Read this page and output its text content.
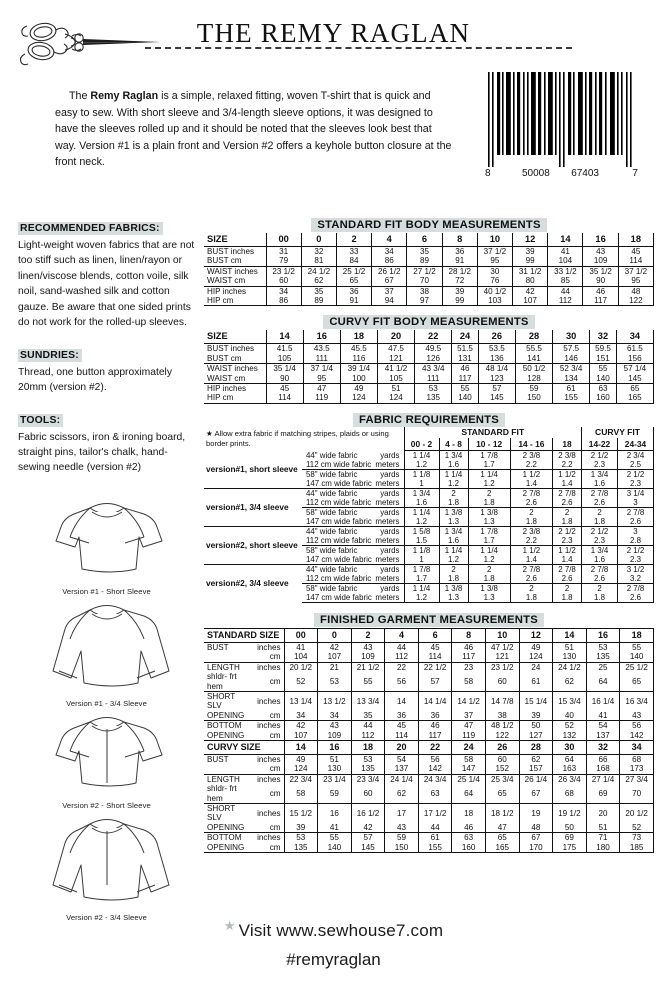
THE REMY RAGLAN
The Remy Raglan is a simple, relaxed fitting, woven T-shirt that is quick and easy to sew. With short sleeve and 3/4-length sleeve options, it was designed to have the sleeves rolled up and it should be noted that the sleeves look best that way. Version #1 is a plain front and Version #2 offers a keyhole button closure at the front neck.
8	50008 67403	7
RECOMMENDED FABRICS:
Light-weight woven fabrics that are not too stiff such as linen, linen/rayon or linen/viscose blends, cotton voile, silk noil, sand-washed silk and cotton gauze. Be aware that one sided prints do not work for the rolled-up sleeves.
SUNDRIES:
Thread, one button approximately 20mm (version #2).
TOOLS:
Fabric scissors, iron & ironing board, straight pins, tailor's chalk, hand-sewing needle (version #2)
Version #1 - Short Sleeve
Version #1 - 3/4 Sleeve
Version #2 - Short Sleeve
Version #2 - 3/4 Sleeve
STANDARD FIT BODY MEASUREMENTS
SIZE	00	0	2	4	6	8	10	12	14	16	18
BUST inches	31	32	33	34	35	36	37 1/2	39	41	43	45
BUST cm	79	81	84	86	89	91	95	99	104	109	114
WAIST inches	23 1/2	24 1/2	25 1/2	26 1/2	27 1/2	28 1/2	30	31 1/2	33 1/2	35 1/2	37 1/2
WAIST cm	60	62	65	67	70	72	76	80	85	90	95
HIP inches	34	35	36	37	38	39	40 1/2	42	44	46	48
HIP cm	86	89	91	94	97	99	103	107	112	117	122
CURVY FIT BODY MEASUREMENTS
SIZE	14	16	18	20	22	24	26	28	30	32	34
BUST inches	41.5	43.5	45.5	47.5	49.5	51.5	53.5	55.5	57.5	59.5	61.5
BUST cm	105	111	116	121	126	131	136	141	146	151	156
WAIST inches	35 1/4	37 1/4	39 1/4	41 1/2	43 3/4	46	48 1/4	50 1/2	52 3/4	55	57 1/4
WAIST cm	90	95	100	105	111	117	123	128	134	140	145
HIP inches	45	47	49	51	53	55	57	59	61	63	65
HIP cm	114	119	124	124	135	140	145	150	155	160	165
FABRIC REQUIREMENTS
★ Allow extra fabric if matching stripes, plaids or using border prints.			STANDARD FIT					CURVY FIT	
			00 - 2	4 - 8	10 - 12	14 - 16	18	14-22	24-34
version#1, short sleeve	44" wide fabric	yards	1 1/4	1 3/4	1 7/8	2 3/8	2 3/8	2 1/2	2 3/4
	112 cm wide fabric	meters	1.2	1.6	1.7	2.2	2.2	2.3	2.5
	58" wide fabric	yards	1 1/8	1 1/4	1 1/4	1 1/2	1 1/2	1 3/4	2 1/2
	147 cm wide fabric	meters	1	1.2	1.2	1.4	1.4	1.6	2.3
version#1, 3/4 sleeve	44" wide fabric	yards	1 3/4	2	2	2 7/8	2 7/8	2 7/8	3 1/4
	112 cm wide fabric	meters	1.6	1.8	1.8	2.6	2.6	2.6	3
	58" wide fabric	yards	1 1/4	1 3/8	1 3/8	2	2	2	2 7/8
	147 cm wide fabric	meters	1.2	1.3	1.3	1.8	1.8	1.8	2.6
version#2, short sleeve	44" wide fabric	yards	1 5/8	1 3/4	1 7/8	2 3/8	2 1/2	2 1/2	3
	112 cm wide fabric	meters	1.5	1.6	1.7	2.2	2.3	2.3	2.8
	58" wide fabric	yards	1 1/8	1 1/4	1 1/4	1 1/2	1 1/2	1 3/4	2 1/2
	147 cm wide fabric	meters	1	1.2	1.2	1.4	1.4	1.6	2.3
version#2, 3/4 sleeve	44" wide fabric	yards	1 7/8	2	2	2 7/8	2 7/8	2 7/8	3 1/2
	112 cm wide fabric	meters	1.7	1.8	1.8	2.6	2.6	2.6	3.2
	58" wide fabric	yards	1 1/4	1 3/8	1 3/8	2	2	2	2 7/8
	147 cm wide fabric	meters	1.2	1.3	1.3	1.8	1.8	1.8	2.6
FINISHED GARMENT MEASUREMENTS
STANDARD SIZE		00	0	2	4	6	8	10	12	14	16	18
BUST	inches	41	42	43	44	45	46	47 1/2	49	51	53	55
	cm	104	107	109	112	114	117	121	124	130	135	140
LENGTH	inches	20 1/2	21	21 1/2	22	22 1/2	23	23 1/2	24	24 1/2	25	25 1/2
shldr- frt hem	cm	52	53	55	56	57	58	60	61	62	64	65
SHORT SLV	inches	13 1/4	13 1/2	13 3/4	14	14 1/4	14 1/2	14 7/8	15 1/4	15 3/4	16 1/4	16 3/4
OPENING	cm	34	34	35	36	36	37	38	39	40	41	43
BOTTOM	inches	42	43	44	45	46	47	48 1/2	50	52	54	56
OPENING	cm	107	109	112	114	117	119	122	127	132	137	142
CURVY SIZE		14	16	18	20	22	24	26	28	30	32	34
BUST	inches	49	51	53	54	56	58	60	62	64	66	68
	cm	124	130	135	137	142	147	152	157	163	168	173
LENGTH	inches	22 3/4	23 1/4	23 3/4	24 1/4	24 3/4	25 1/4	25 3/4	26 1/4	26 3/4	27 1/4	27 3/4
shldr- frt hem	cm	58	59	60	62	63	64	65	67	68	69	70
SHORT SLV	inches	15 1/2	16	16 1/2	17	17 1/2	18	18 1/2	19	19 1/2	20	20 1/2
OPENING	cm	39	41	42	43	44	46	47	48	50	51	52
BOTTOM	inches	53	55	57	59	61	63	65	67	69	71	73
OPENING	cm	135	140	145	150	155	160	165	170	175	180	185
★ Visit www.sewhouse7.com
#remyraglan
